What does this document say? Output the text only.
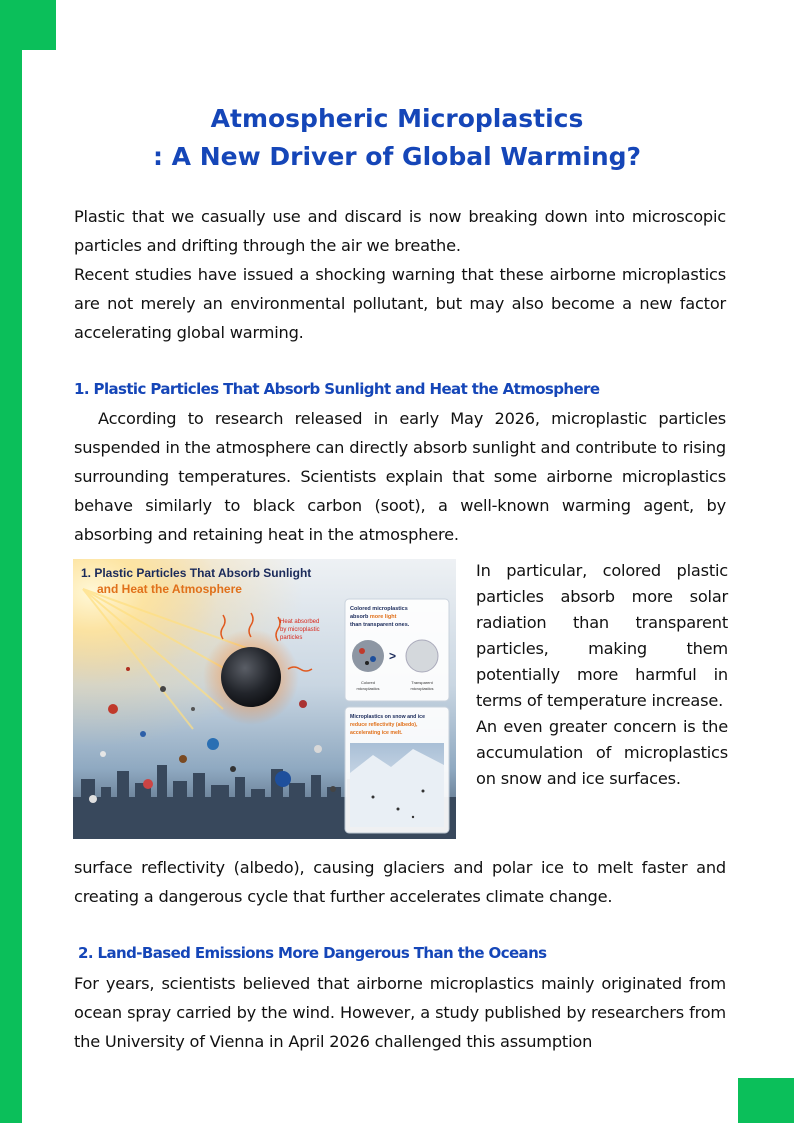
Atmospheric Microplastics
: A New Driver of Global Warming?

Plastic that we casually use and discard is now breaking down into microscopic particles and drifting through the air we breathe.

Recent studies have issued a shocking warning that these airborne microplastics are not merely an environmental pollutant, but may also become a new factor accelerating global warming.

1. Plastic Particles That Absorb Sunlight and Heat the Atmosphere

According to research released in early May 2026, microplastic particles suspended in the atmosphere can directly absorb sunlight and contribute to rising surrounding temperatures. Scientists explain that some airborne microplastics behave similarly to black carbon (soot), a well-known warming agent, by absorbing and retaining heat in the atmosphere.

1. Plastic Particles That Absorb Sunlight
and Heat the Atmosphere
Heat absorbed
by microplastic
particles
Colored microplastics
absorb more light
than transparent ones.
>
Colored
microplastics
Transparent
microplastics
Microplastics on snow and ice
reduce reflectivity (albedo),
accelerating ice melt.

In particular, colored plastic particles absorb more solar radiation than transparent particles, making them potentially more harmful in terms of temperature increase.

An even greater concern is the accumulation of microplastics on snow and ice surfaces.

surface reflectivity (albedo), causing glaciers and polar ice to melt faster and creating a dangerous cycle that further accelerates climate change.

2. Land-Based Emissions More Dangerous Than the Oceans

For years, scientists believed that airborne microplastics mainly originated from ocean spray carried by the wind. However, a study published by researchers from the University of Vienna in April 2026 challenged this assumption
